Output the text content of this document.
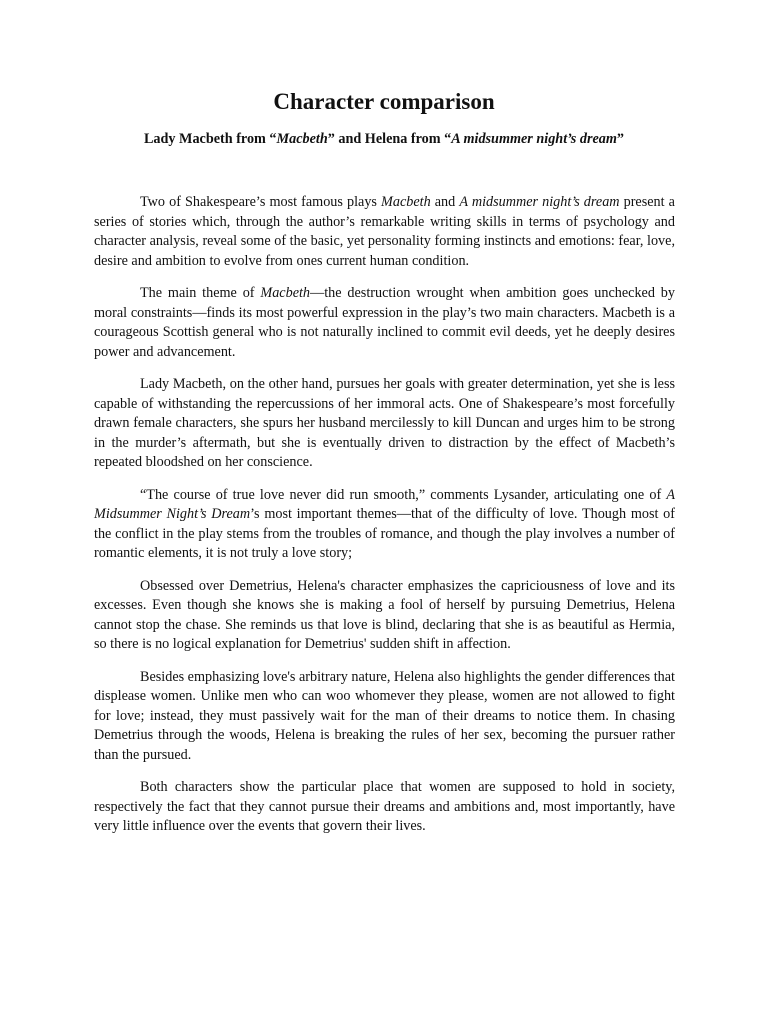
Character comparison

Lady Macbeth from “Macbeth” and Helena from “A midsummer night’s dream”

Two of Shakespeare’s most famous plays Macbeth and A midsummer night’s dream present a series of stories which, through the author’s remarkable writing skills in terms of psychology and character analysis, reveal some of the basic, yet personality forming instincts and emotions: fear, love, desire and ambition to evolve from ones current human condition.

The main theme of Macbeth—the destruction wrought when ambition goes unchecked by moral constraints—finds its most powerful expression in the play’s two main characters. Macbeth is a courageous Scottish general who is not naturally inclined to commit evil deeds, yet he deeply desires power and advancement.

Lady Macbeth, on the other hand, pursues her goals with greater determination, yet she is less capable of withstanding the repercussions of her immoral acts. One of Shakespeare’s most forcefully drawn female characters, she spurs her husband mercilessly to kill Duncan and urges him to be strong in the murder’s aftermath, but she is eventually driven to distraction by the effect of Macbeth’s repeated bloodshed on her conscience.

“The course of true love never did run smooth,” comments Lysander, articulating one of A Midsummer Night’s Dream’s most important themes—that of the difficulty of love. Though most of the conflict in the play stems from the troubles of romance, and though the play involves a number of romantic elements, it is not truly a love story;

Obsessed over Demetrius, Helena's character emphasizes the capriciousness of love and its excesses. Even though she knows she is making a fool of herself by pursuing Demetrius, Helena cannot stop the chase. She reminds us that love is blind, declaring that she is as beautiful as Hermia, so there is no logical explanation for Demetrius' sudden shift in affection.

Besides emphasizing love's arbitrary nature, Helena also highlights the gender differences that displease women. Unlike men who can woo whomever they please, women are not allowed to fight for love; instead, they must passively wait for the man of their dreams to notice them. In chasing Demetrius through the woods, Helena is breaking the rules of her sex, becoming the pursuer rather than the pursued.

Both characters show the particular place that women are supposed to hold in society, respectively the fact that they cannot pursue their dreams and ambitions and, most importantly, have very little influence over the events that govern their lives.
